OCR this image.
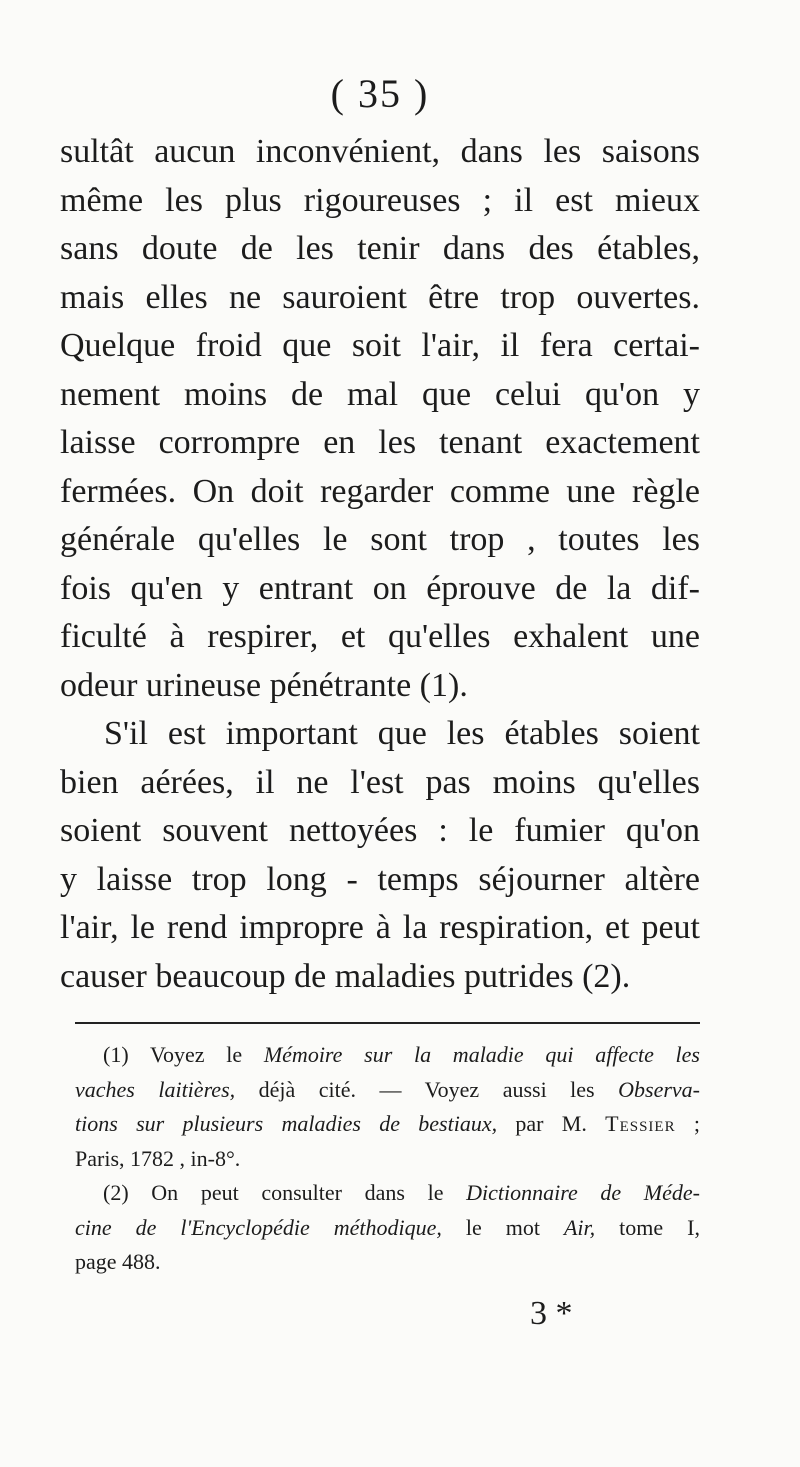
( 35 )
sultât aucun inconvénient, dans les saisons
même les plus rigoureuses ; il est mieux
sans doute de les tenir dans des étables,
mais elles ne sauroient être trop ouvertes.
Quelque froid que soit l'air, il fera certai-
nement moins de mal que celui qu'on y
laisse corrompre en les tenant exactement
fermées. On doit regarder comme une règle
générale qu'elles le sont trop , toutes les
fois qu'en y entrant on éprouve de la dif-
ficulté à respirer, et qu'elles exhalent une
odeur urineuse pénétrante (1).
S'il est important que les étables soient
bien aérées, il ne l'est pas moins qu'elles
soient souvent nettoyées : le fumier qu'on
y laisse trop long - temps séjourner altère
l'air, le rend impropre à la respiration, et peut
causer beaucoup de maladies putrides (2).
(1) Voyez le Mémoire sur la maladie qui affecte les
vaches laitières, déjà cité. — Voyez aussi les Observa-
tions sur plusieurs maladies de bestiaux, par M. Tessier ;
Paris, 1782 , in-8°.
(2) On peut consulter dans le Dictionnaire de Méde-
cine de l'Encyclopédie méthodique, le mot Air, tome I,
page 488.
3 *
